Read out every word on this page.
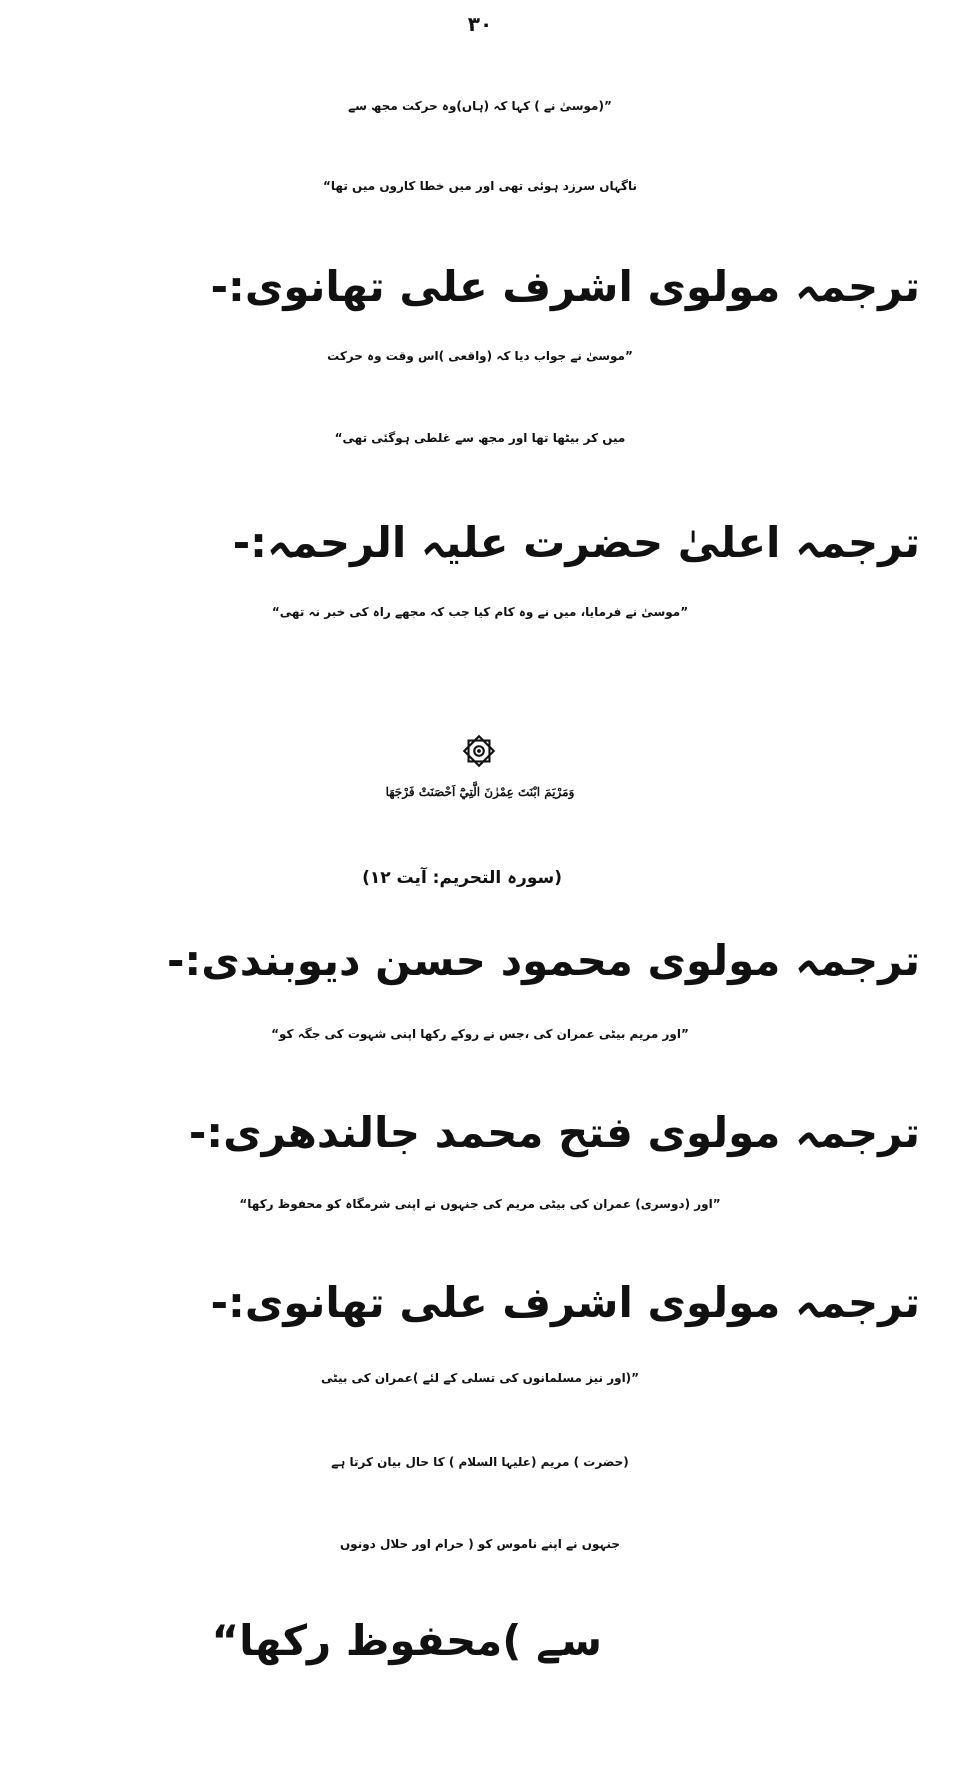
۳۰
”(موسیٰ نے ) کہا کہ (ہاں)وہ حرکت مجھ سے
ناگہاں سرزد ہوئی تھی اور میں خطا کاروں میں تھا“
ترجمہ مولوی اشرف علی تھانوی:-
”موسیٰ نے جواب دیا کہ (واقعی )اس وقت وہ حرکت
میں کر بیٹھا تھا اور مجھ سے غلطی ہوگئی تھی“
ترجمہ اعلیٰ حضرت علیہ الرحمہ:-
”موسیٰ نے فرمایا، میں نے وہ کام کیا جب کہ مجھے راہ کی خبر نہ تھی“
وَمَرْيَمَ ابْنَتَ عِمْرٰنَ الَّتِيْٓ اَحْصَنَتْ فَرْجَهَا
(سورہ التحریم: آیت ۱۲)
ترجمہ مولوی محمود حسن دیوبندی:-
”اور مریم بیٹی عمران کی ،جس نے روکے رکھا اپنی شہوت کی جگہ کو“
ترجمہ مولوی فتح محمد جالندھری:-
”اور (دوسری) عمران کی بیٹی مریم کی جنہوں نے اپنی شرمگاہ کو محفوظ رکھا“
ترجمہ مولوی اشرف علی تھانوی:-
”(اور نیز مسلمانوں کی تسلی کے لئے )عمران کی بیٹی
(حضرت ) مریم (علیہا السلام ) کا حال بیان کرتا ہے
جنہوں نے اپنے ناموس کو ( حرام اور حلال دونوں
سے )محفوظ رکھا“
